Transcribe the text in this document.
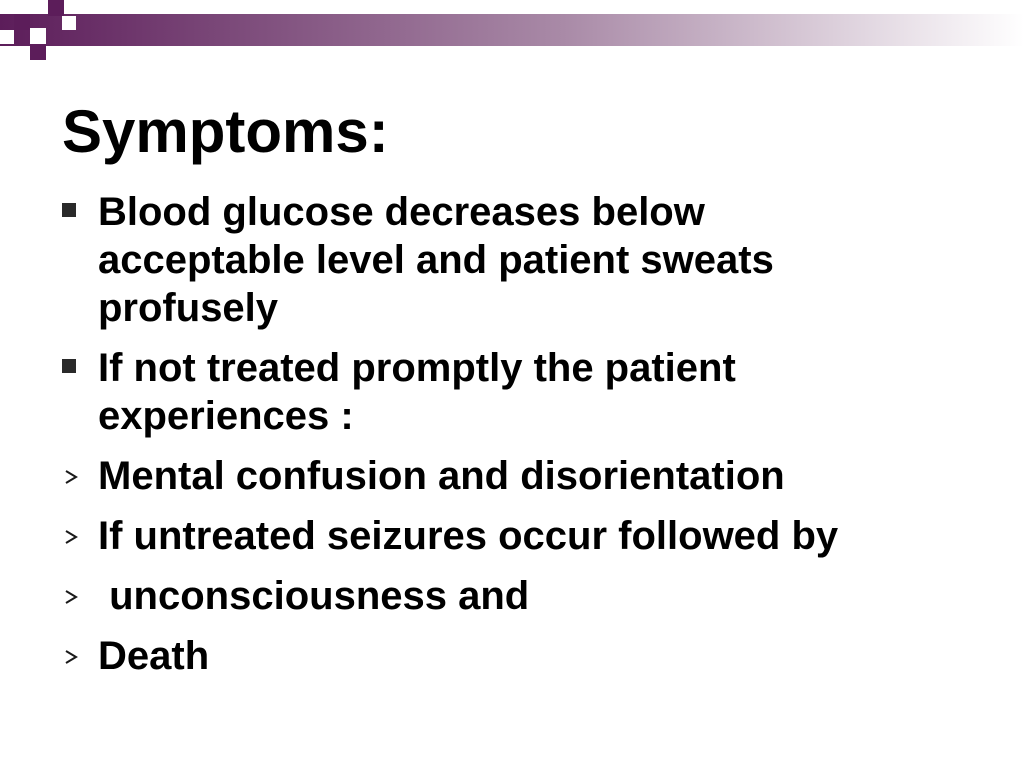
Symptoms:
Blood glucose decreases below
acceptable level and patient sweats
profusely
If not treated promptly the patient
experiences :
Mental confusion and disorientation
If untreated seizures occur followed by
unconsciousness and
Death
